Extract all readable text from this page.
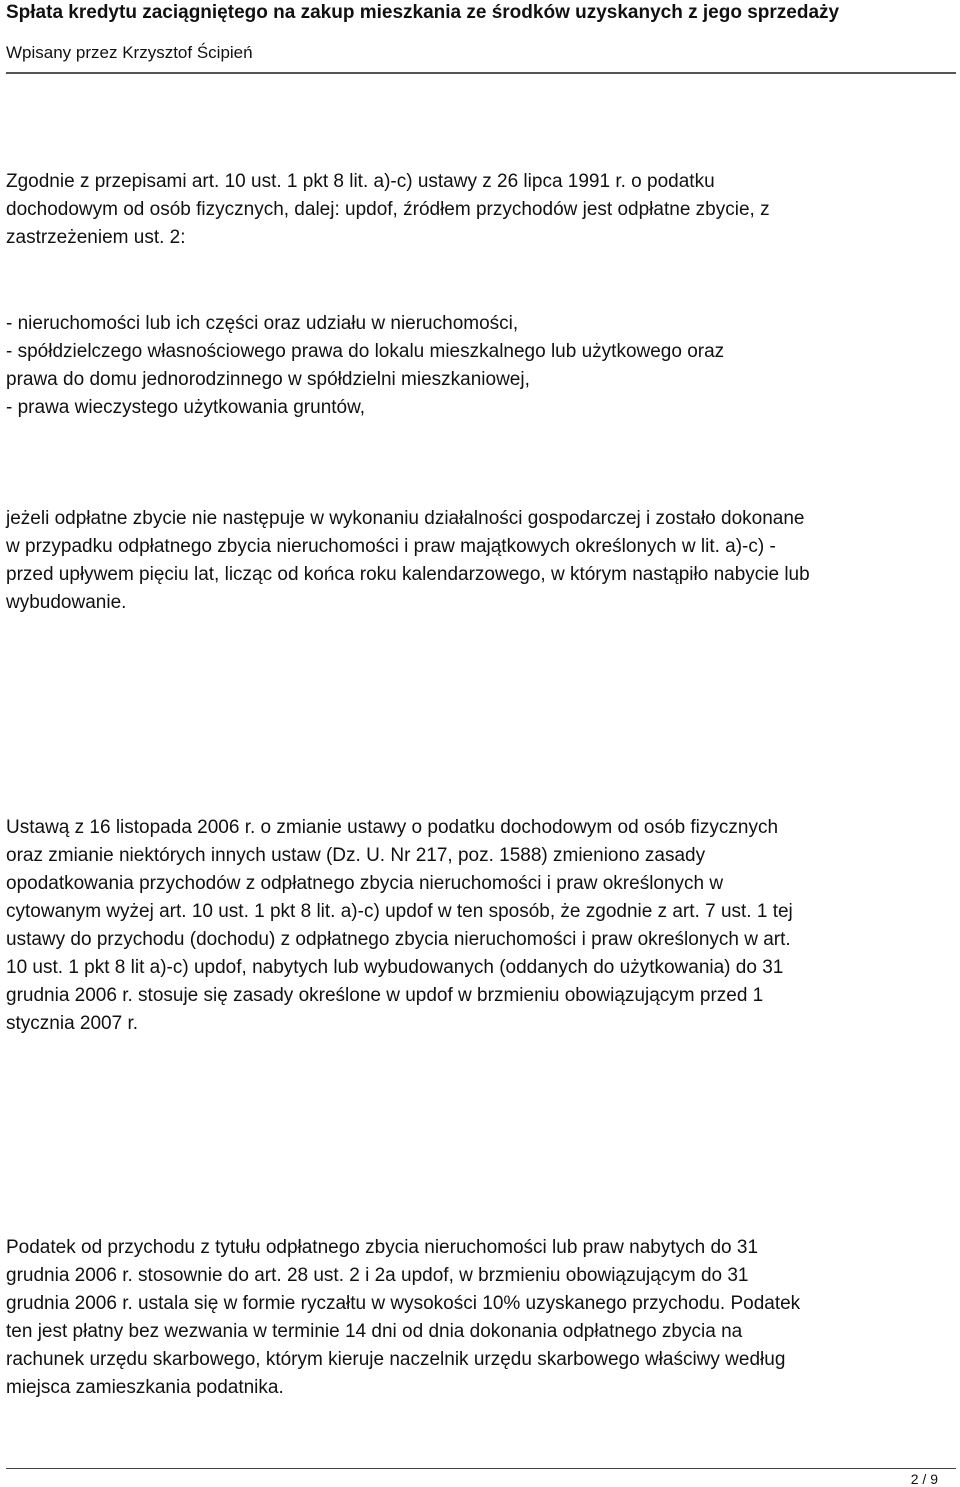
Spłata kredytu zaciągniętego na zakup mieszkania ze środków uzyskanych z jego sprzedaży
Wpisany przez Krzysztof Ścipień

Zgodnie z przepisami art. 10 ust. 1 pkt 8 lit. a)-c) ustawy z 26 lipca 1991 r. o podatku
dochodowym od osób fizycznych, dalej: updof, źródłem przychodów jest odpłatne zbycie, z
zastrzeżeniem ust. 2:

- nieruchomości lub ich części oraz udziału w nieruchomości,
- spółdzielczego własnościowego prawa do lokalu mieszkalnego lub użytkowego oraz
prawa do domu jednorodzinnego w spółdzielni mieszkaniowej,
- prawa wieczystego użytkowania gruntów,

jeżeli odpłatne zbycie nie następuje w wykonaniu działalności gospodarczej i zostało dokonane
w przypadku odpłatnego zbycia nieruchomości i praw majątkowych określonych w lit. a)-c) -
przed upływem pięciu lat, licząc od końca roku kalendarzowego, w którym nastąpiło nabycie lub
wybudowanie.

Ustawą z 16 listopada 2006 r. o zmianie ustawy o podatku dochodowym od osób fizycznych
oraz zmianie niektórych innych ustaw (Dz. U. Nr 217, poz. 1588) zmieniono zasady
opodatkowania przychodów z odpłatnego zbycia nieruchomości i praw określonych w
cytowanym wyżej art. 10 ust. 1 pkt 8 lit. a)-c) updof w ten sposób, że zgodnie z art. 7 ust. 1 tej
ustawy do przychodu (dochodu) z odpłatnego zbycia nieruchomości i praw określonych w art.
10 ust. 1 pkt 8 lit a)-c) updof, nabytych lub wybudowanych (oddanych do użytkowania) do 31
grudnia 2006 r. stosuje się zasady określone w updof w brzmieniu obowiązującym przed 1
stycznia 2007 r.

Podatek od przychodu z tytułu odpłatnego zbycia nieruchomości lub praw nabytych do 31
grudnia 2006 r. stosownie do art. 28 ust. 2 i 2a updof, w brzmieniu obowiązującym do 31
grudnia 2006 r. ustala się w formie ryczałtu w wysokości 10% uzyskanego przychodu. Podatek
ten jest płatny bez wezwania w terminie 14 dni od dnia dokonania odpłatnego zbycia na
rachunek urzędu skarbowego, którym kieruje naczelnik urzędu skarbowego właściwy według
miejsca zamieszkania podatnika.

2 / 9
